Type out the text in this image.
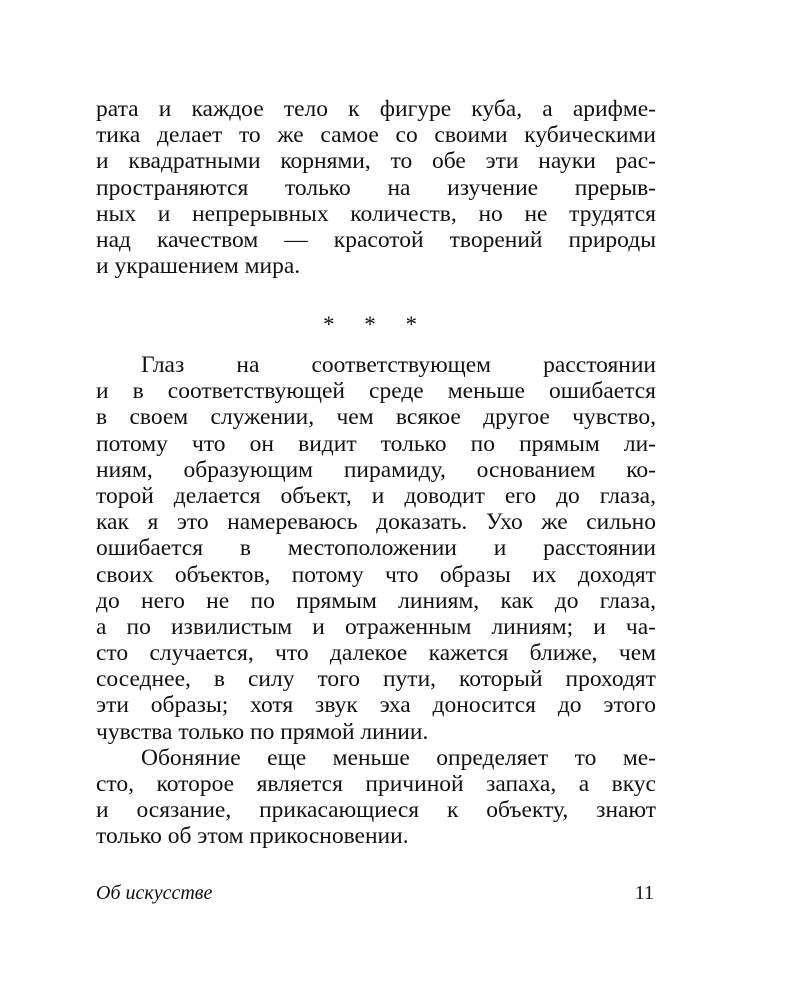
рата и каждое тело к фигуре куба, а арифме-
тика делает то же самое со своими кубическими
и квадратными корнями, то обе эти науки рас-
пространяются только на изучение прерыв-
ных и непрерывных количеств, но не трудятся
над качеством — красотой творений природы
и украшением мира.
* * *
Глаз на соответствующем расстоянии
и в соответствующей среде меньше ошибается
в своем служении, чем всякое другое чувство,
потому что он видит только по прямым ли-
ниям, образующим пирамиду, основанием ко-
торой делается объект, и доводит его до глаза,
как я это намереваюсь доказать. Ухо же сильно
ошибается в местоположении и расстоянии
своих объектов, потому что образы их доходят
до него не по прямым линиям, как до глаза,
а по извилистым и отраженным линиям; и ча-
сто случается, что далекое кажется ближе, чем
соседнее, в силу того пути, который проходят
эти образы; хотя звук эха доносится до этого
чувства только по прямой линии.
Обоняние еще меньше определяет то ме-
сто, которое является причиной запаха, а вкус
и осязание, прикасающиеся к объекту, знают
только об этом прикосновении.
Об искусстве	11
